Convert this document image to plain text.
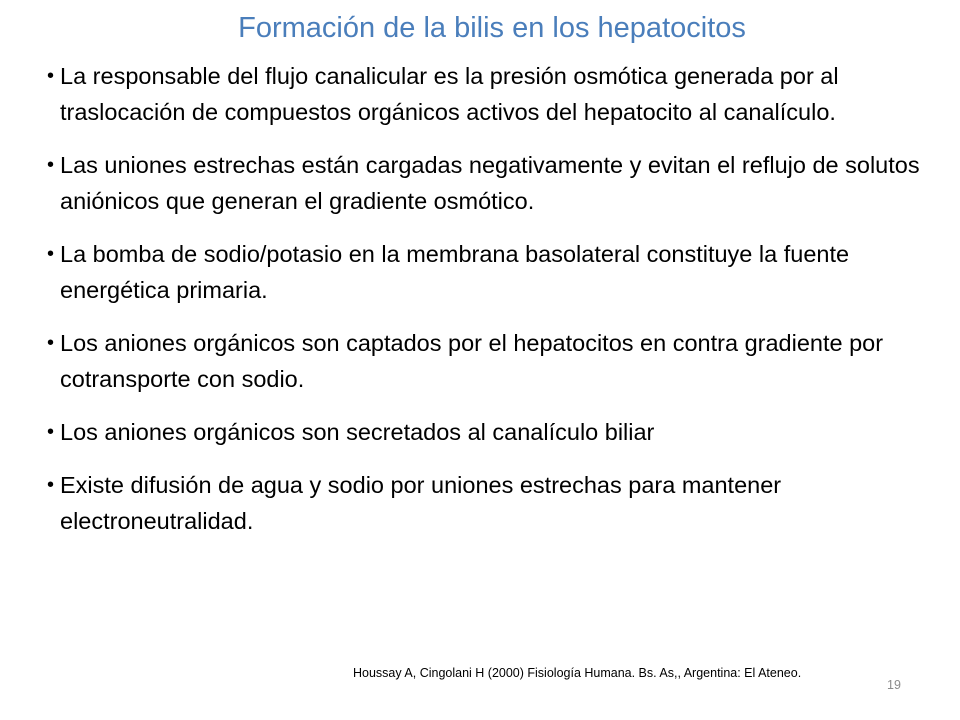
Formación de la bilis en los hepatocitos
• La responsable del flujo canalicular es la presión osmótica generada por al traslocación de compuestos orgánicos activos del hepatocito al canalículo.
• Las uniones estrechas están cargadas negativamente y evitan el reflujo de solutos aniónicos que generan el gradiente osmótico.
• La bomba de sodio/potasio en la membrana basolateral constituye la fuente energética primaria.
• Los aniones orgánicos son captados por el hepatocitos en contra gradiente por cotransporte con sodio.
• Los aniones orgánicos son secretados al canalículo biliar
• Existe difusión de agua y sodio por uniones estrechas para mantener electroneutralidad.
Houssay A, Cingolani H (2000) Fisiología Humana. Bs. As,, Argentina: El Ateneo.
19
